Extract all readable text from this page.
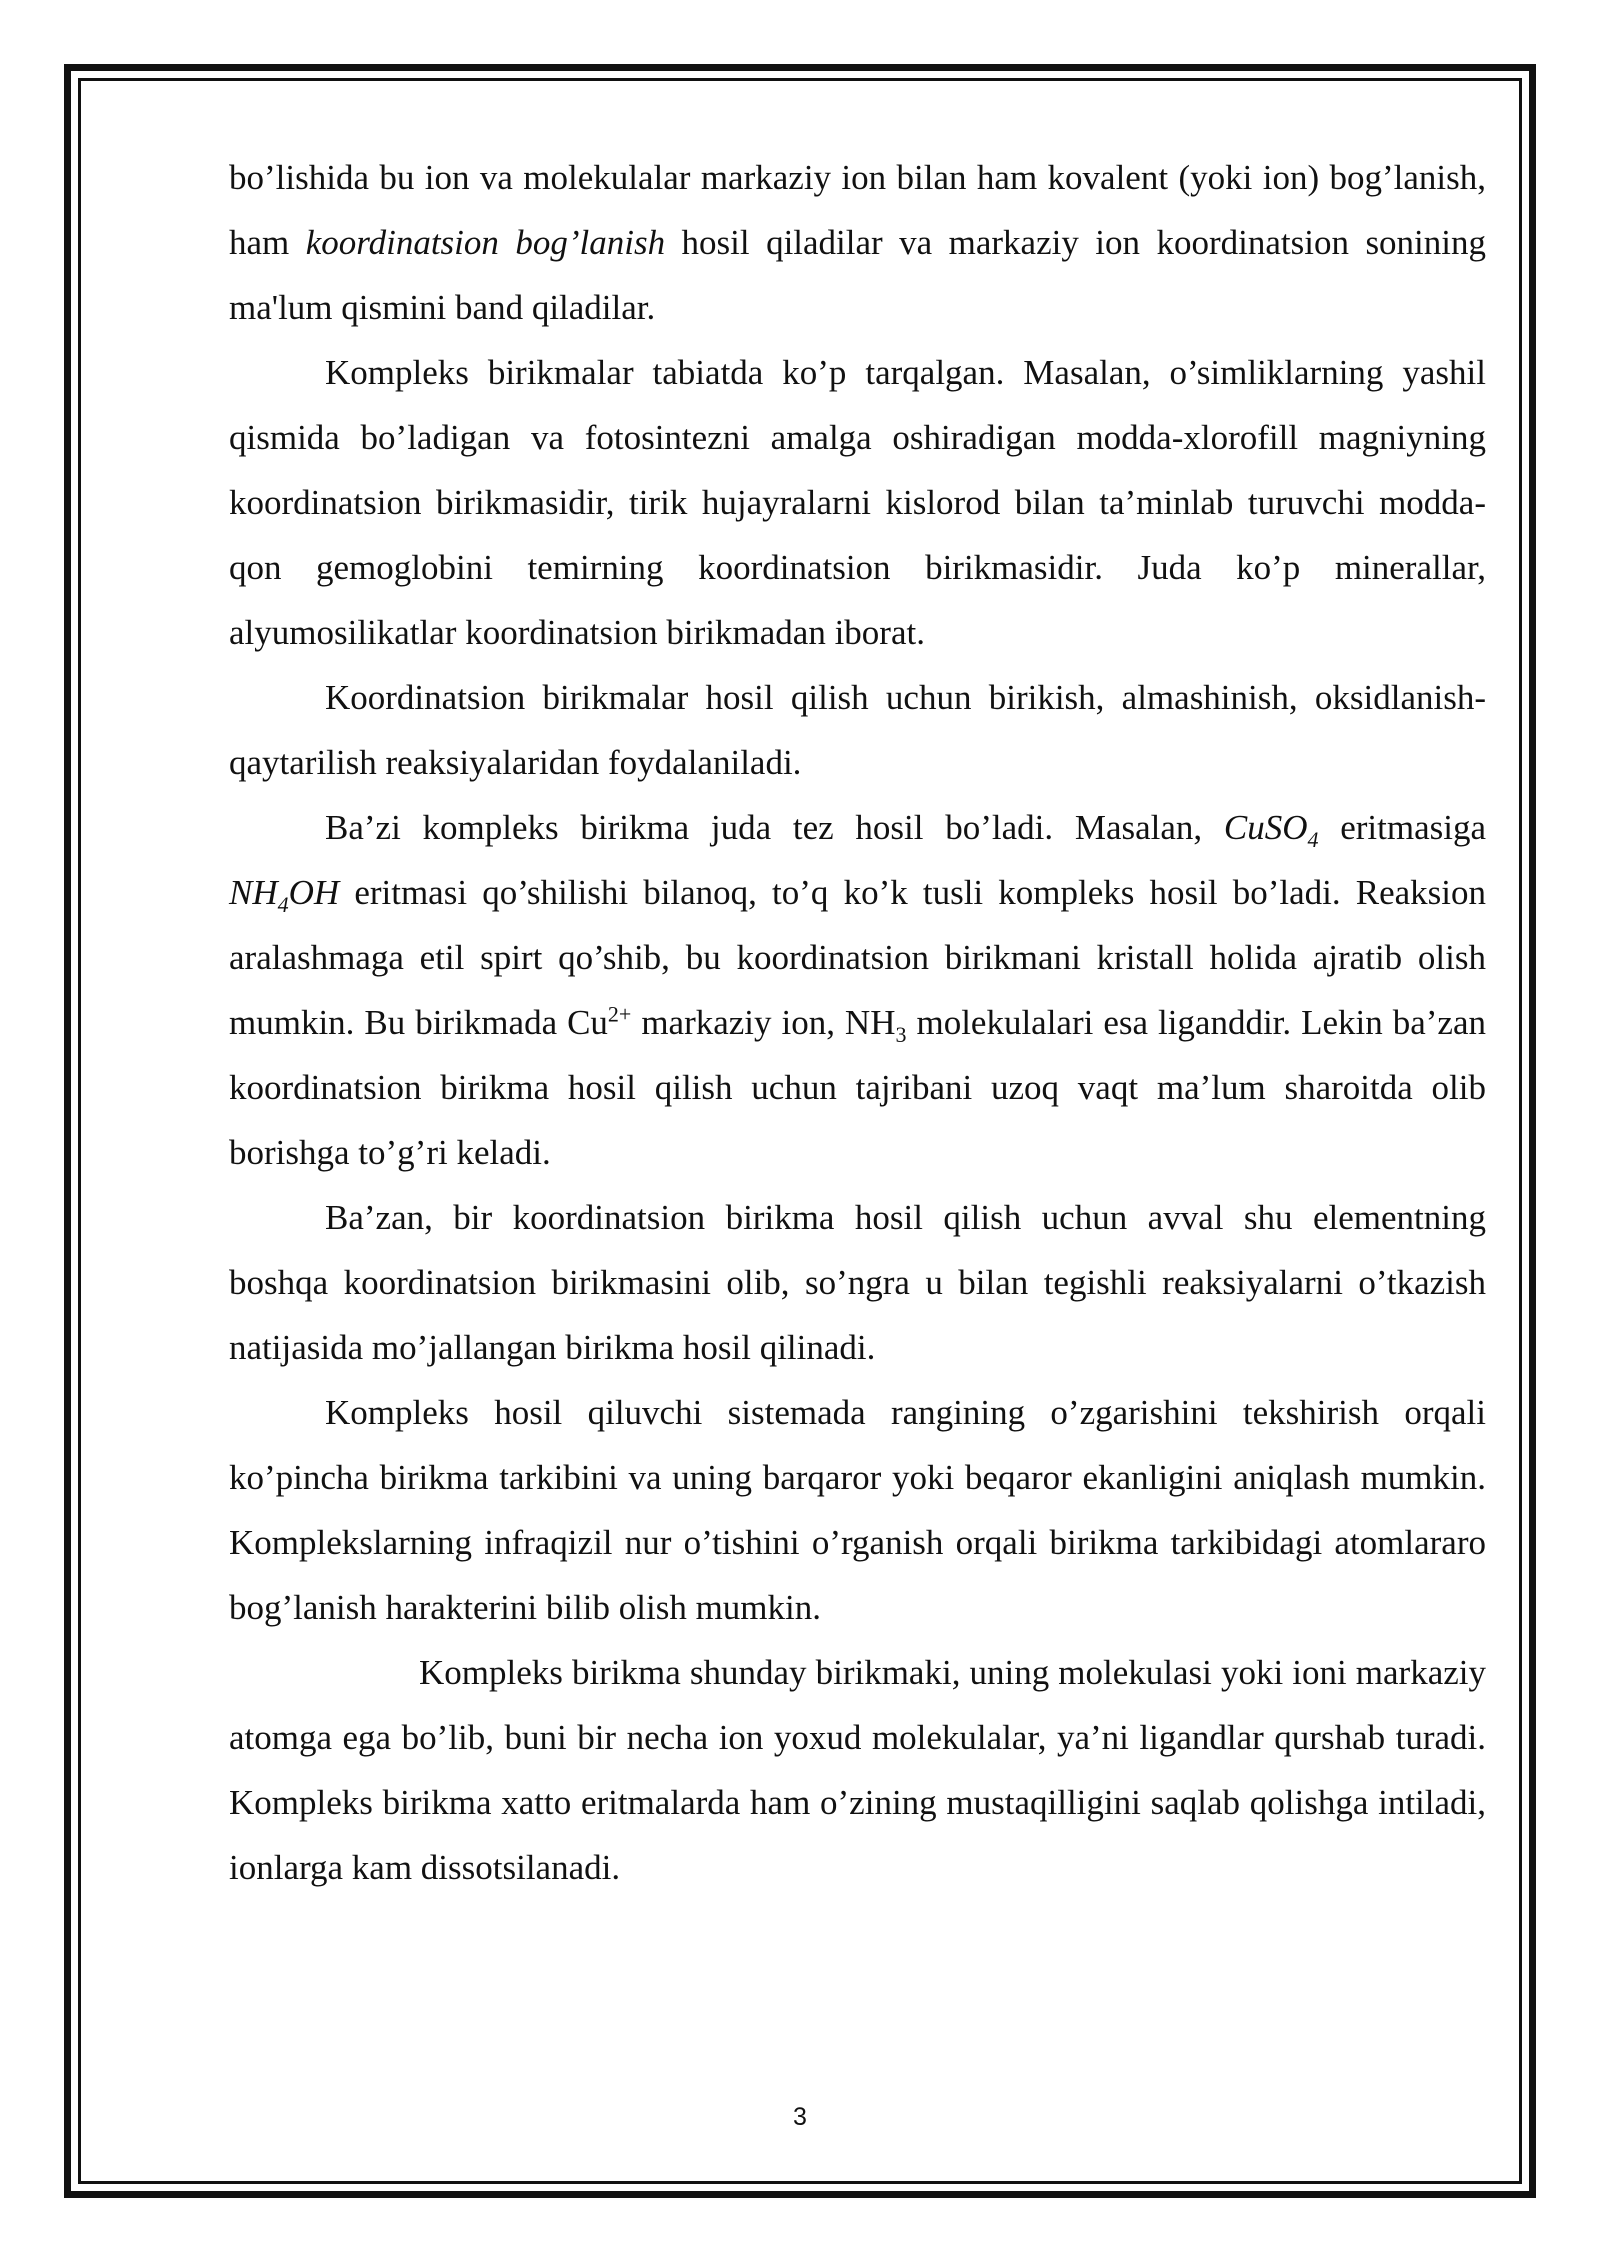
bo’lishida bu ion va molekulalar markaziy ion bilan ham kovalent (yoki ion) bog’lanish, ham koordinatsion bog’lanish hosil qiladilar va markaziy ion koordinatsion sonining ma'lum qismini band qiladilar.

Kompleks birikmalar tabiatda ko’p tarqalgan. Masalan, o’simliklarning yashil qismida bo’ladigan va fotosintezni amalga oshiradigan modda-xlorofill magniyning koordinatsion birikmasidir, tirik hujayralarni kislorod bilan ta’minlab turuvchi modda-qon gemoglobini temirning koordinatsion birikmasidir. Juda ko’p minerallar, alyumosilikatlar koordinatsion birikmadan iborat.

Koordinatsion birikmalar hosil qilish uchun birikish, almashinish, oksidlanish-qaytarilish reaksiyalaridan foydalaniladi.

Ba’zi kompleks birikma juda tez hosil bo’ladi. Masalan, CuSO$_4$ eritmasiga $NH_4OH$ eritmasi qo’shilishi bilanoq, to’q ko’k tusli kompleks hosil bo’ladi. Reaksion aralashmaga etil spirt qo’shib, bu koordinatsion birikmani kristall holida ajratib olish mumkin. Bu birikmada $Cu^{2+}$ markaziy ion, $NH_3$ molekulalari esa liganddir. Lekin ba’zan koordinatsion birikma hosil qilish uchun tajribani uzoq vaqt ma’lum sharoitda olib borishga to’g’ri keladi.

Ba’zan, bir koordinatsion birikma hosil qilish uchun avval shu elementning boshqa koordinatsion birikmasini olib, so’ngra u bilan tegishli reaksiyalarni o’tkazish natijasida mo’jallangan birikma hosil qilinadi.

Kompleks hosil qiluvchi sistemada rangining o’zgarishini tekshirish orqali ko’pincha birikma tarkibini va uning barqaror yoki beqaror ekanligini aniqlash mumkin. Komplekslarning infraqizil nur o’tishini o’rganish orqali birikma tarkibidagi atomlararo bog’lanish harakterini bilib olish mumkin.

Kompleks birikma shunday birikmaki, uning molekulasi yoki ioni markaziy atomga ega bo’lib, buni bir necha ion yoxud molekulalar, ya’ni ligandlar qurshab turadi. Kompleks birikma xatto eritmalarda ham o’zining mustaqilligini saqlab qolishga intiladi, ionlarga kam dissotsilanadi.

3
